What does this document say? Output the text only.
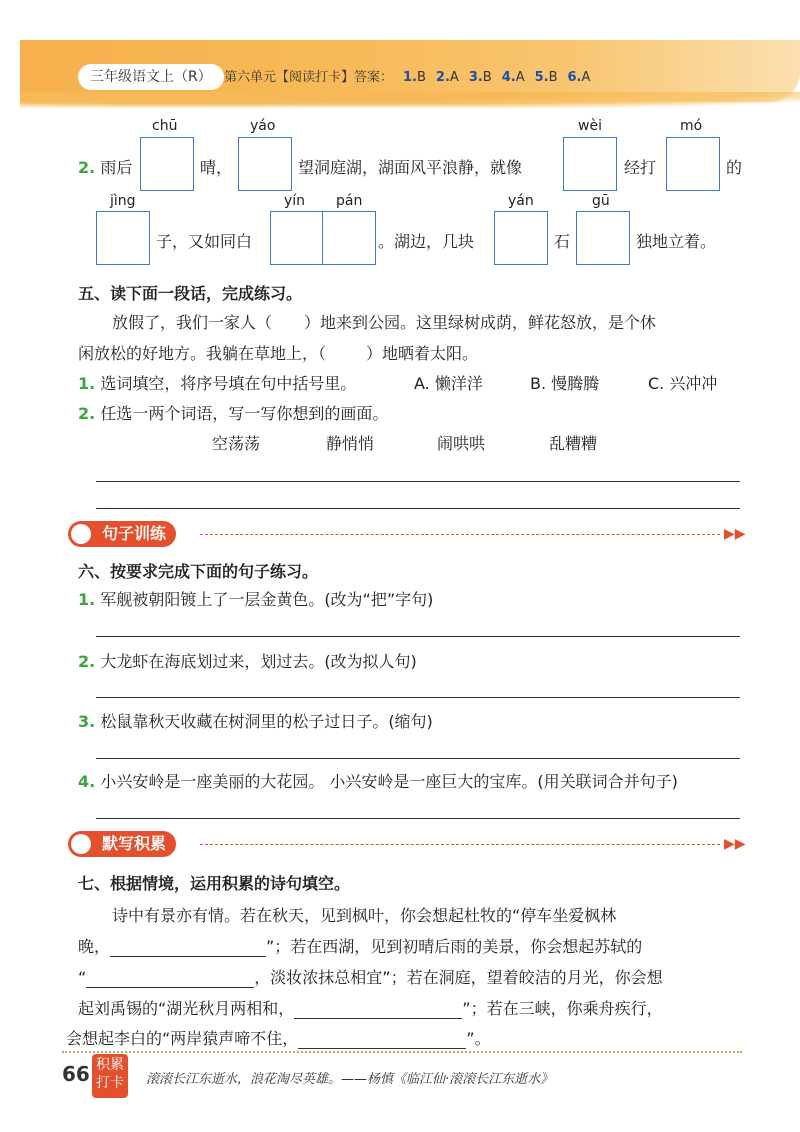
三年级语文上（R） 第六单元【阅读打卡】答案： 1.B 2.A 3.B 4.A 5.B 6.A
chū	yáo	wèi	mó
2. 雨后	晴，	望洞庭湖，湖面风平浪静，就像	经打	的
jìng	yín pán	yán	gū
子，又如同白	。湖边，几块	石	独地立着。
五、读下面一段话，完成练习。
放假了，我们一家人（ ）地来到公园。这里绿树成荫，鲜花怒放，是个休
闲放松的好地方。我躺在草地上，（	）地晒着太阳。
1. 选词填空，将序号填在句中括号里。	A. 懒洋洋	B. 慢腾腾	C. 兴冲冲
2. 任选一两个词语，写一写你想到的画面。
空荡荡	静悄悄	闹哄哄	乱糟糟
句子训练	▶▶
六、按要求完成下面的句子练习。
1. 军舰被朝阳镀上了一层金黄色。(改为“把”字句)
2. 大龙虾在海底划过来，划过去。(改为拟人句)
3. 松鼠靠秋天收藏在树洞里的松子过日子。(缩句)
4. 小兴安岭是一座美丽的大花园。 小兴安岭是一座巨大的宝库。(用关联词合并句子)
默写积累	▶▶
七、根据情境，运用积累的诗句填空。
诗中有景亦有情。若在秋天，见到枫叶，你会想起杜牧的“停车坐爱枫林
晚，	”；若在西湖，见到初晴后雨的美景，你会想起苏轼的
“	，淡妆浓抹总相宜”；若在洞庭，望着皎洁的月光，你会想
起刘禹锡的“湖光秋月两相和，	”；若在三峡，你乘舟疾行，
会想起李白的“两岸猿声啼不住，	”。
66 积累
打卡	滚滚长江东逝水，浪花淘尽英雄。——杨慎《临江仙·滚滚长江东逝水》
